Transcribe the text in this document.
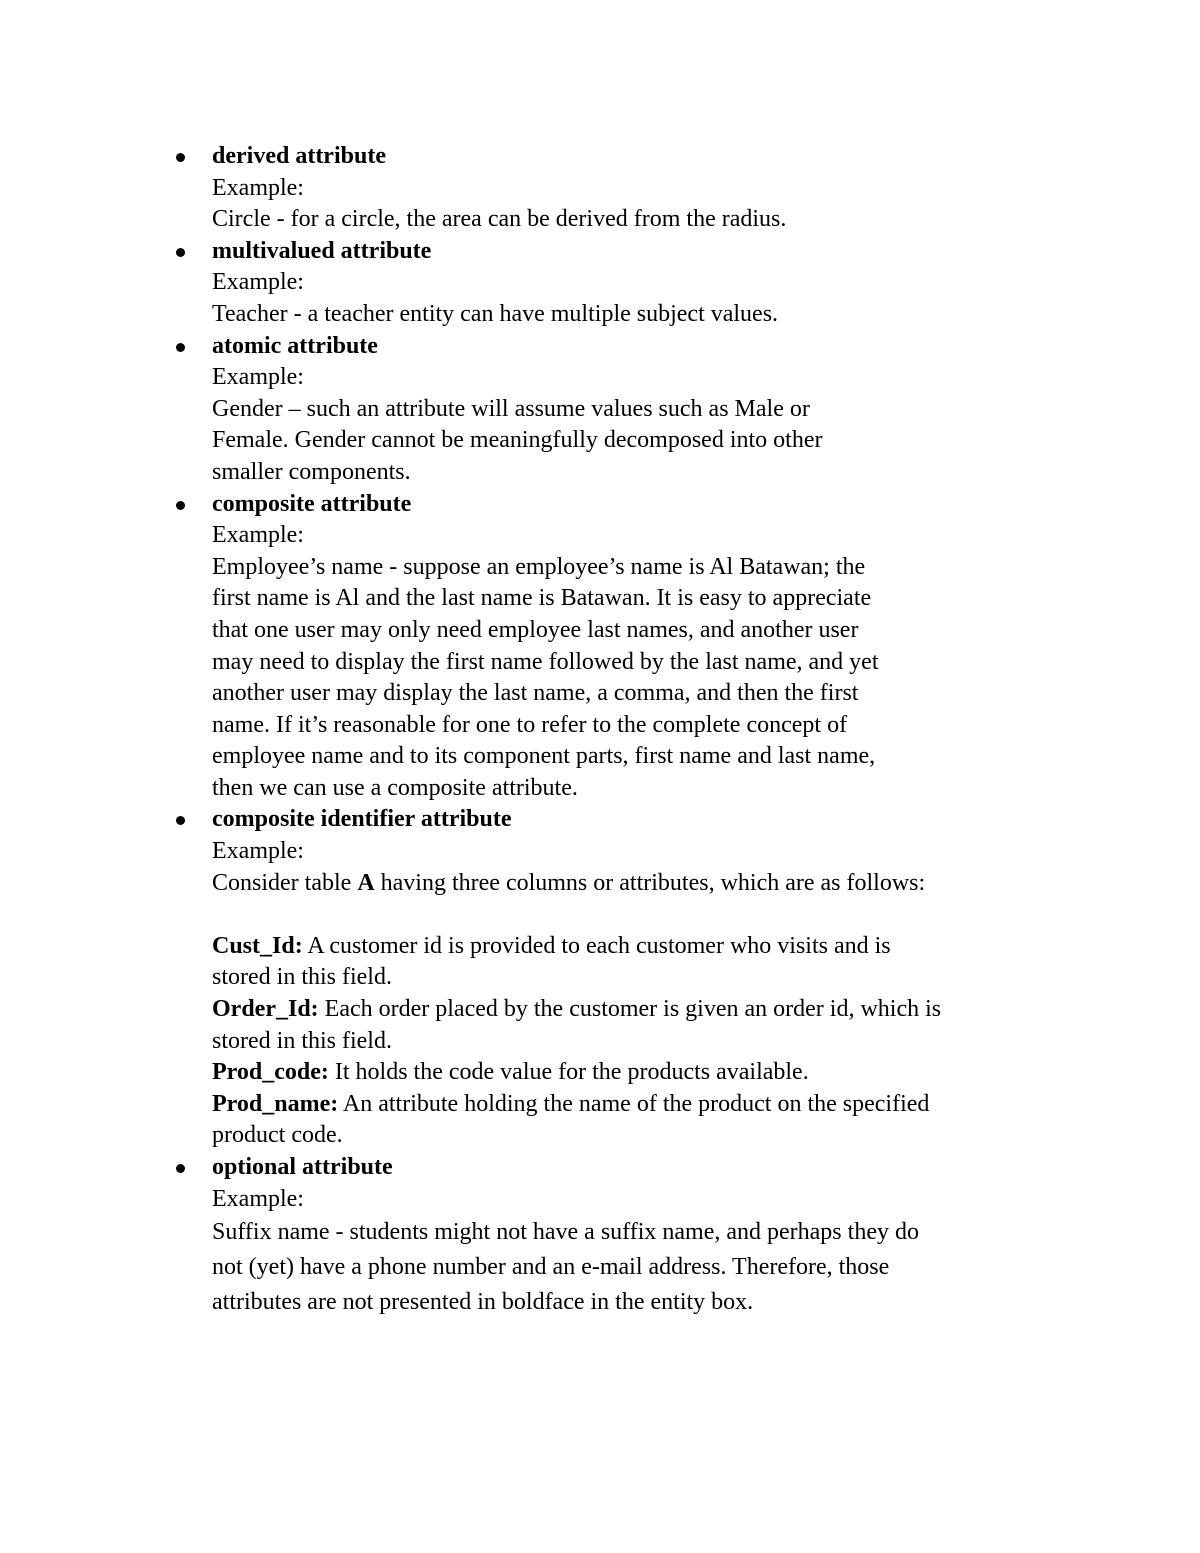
derived attribute
Example:
Circle - for a circle, the area can be derived from the radius.
multivalued attribute
Example:
Teacher - a teacher entity can have multiple subject values.
atomic attribute
Example:
Gender – such an attribute will assume values such as Male or
Female. Gender cannot be meaningfully decomposed into other
smaller components.
composite attribute
Example:
Employee’s name - suppose an employee’s name is Al Batawan; the
first name is Al and the last name is Batawan. It is easy to appreciate
that one user may only need employee last names, and another user
may need to display the first name followed by the last name, and yet
another user may display the last name, a comma, and then the first
name. If it’s reasonable for one to refer to the complete concept of
employee name and to its component parts, first name and last name,
then we can use a composite attribute.
composite identifier attribute
Example:
Consider table A having three columns or attributes, which are as follows:
Cust_Id: A customer id is provided to each customer who visits and is
stored in this field.
Order_Id: Each order placed by the customer is given an order id, which is
stored in this field.
Prod_code: It holds the code value for the products available.
Prod_name: An attribute holding the name of the product on the specified
product code.
optional attribute
Example:
Suffix name - students might not have a suffix name, and perhaps they do
not (yet) have a phone number and an e-mail address. Therefore, those
attributes are not presented in boldface in the entity box.
